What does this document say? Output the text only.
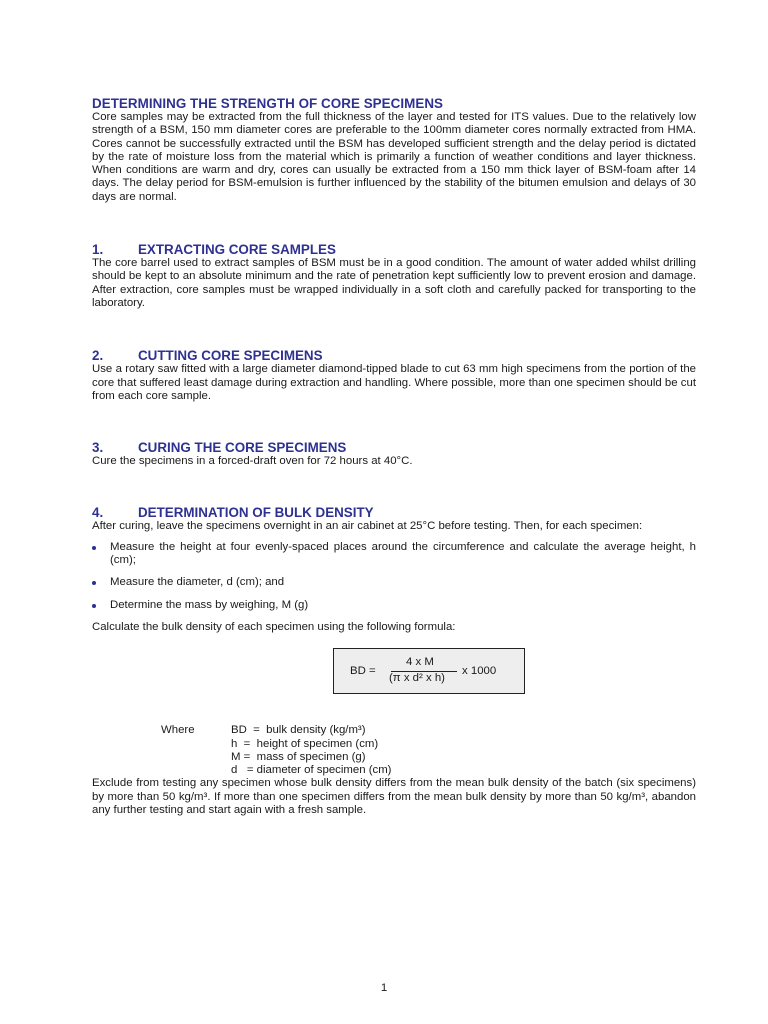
DETERMINING THE STRENGTH OF CORE SPECIMENS

Core samples may be extracted from the full thickness of the layer and tested for ITS values. Due to the relatively low strength of a BSM, 150 mm diameter cores are preferable to the 100mm diameter cores normally extracted from HMA. Cores cannot be successfully extracted until the BSM has developed sufficient strength and the delay period is dictated by the rate of moisture loss from the material which is primarily a function of weather conditions and layer thickness. When conditions are warm and dry, cores can usually be extracted from a 150 mm thick layer of BSM-foam after 14 days. The delay period for BSM-emulsion is further influenced by the stability of the bitumen emulsion and delays of 30 days are normal.

1.	EXTRACTING CORE SAMPLES

The core barrel used to extract samples of BSM must be in a good condition. The amount of water added whilst drilling should be kept to an absolute minimum and the rate of penetration kept sufficiently low to prevent erosion and damage. After extraction, core samples must be wrapped individually in a soft cloth and carefully packed for transporting to the laboratory.

2.	CUTTING CORE SPECIMENS

Use a rotary saw fitted with a large diameter diamond-tipped blade to cut 63 mm high specimens from the portion of the core that suffered least damage during extraction and handling. Where possible, more than one specimen should be cut from each core sample.

3.	CURING THE CORE SPECIMENS

Cure the specimens in a forced-draft oven for 72 hours at 40°C.

4.	DETERMINATION OF BULK DENSITY

After curing, leave the specimens overnight in an air cabinet at 25°C before testing. Then, for each specimen:

Measure the height at four evenly-spaced places around the circumference and calculate the average height, h (cm);
Measure the diameter, d (cm); and
Determine the mass by weighing, M (g)

Calculate the bulk density of each specimen using the following formula:

BD =
4 x M
(π x d² x h)
x 1000
Where	BD  =  bulk density (kg/m³)
h  =  height of specimen (cm)
M =  mass of specimen (g)
d   = diameter of specimen (cm)

Exclude from testing any specimen whose bulk density differs from the mean bulk density of the batch (six specimens) by more than 50 kg/m³. If more than one specimen differs from the mean bulk density by more than 50 kg/m³, abandon any further testing and start again with a fresh sample.

1
